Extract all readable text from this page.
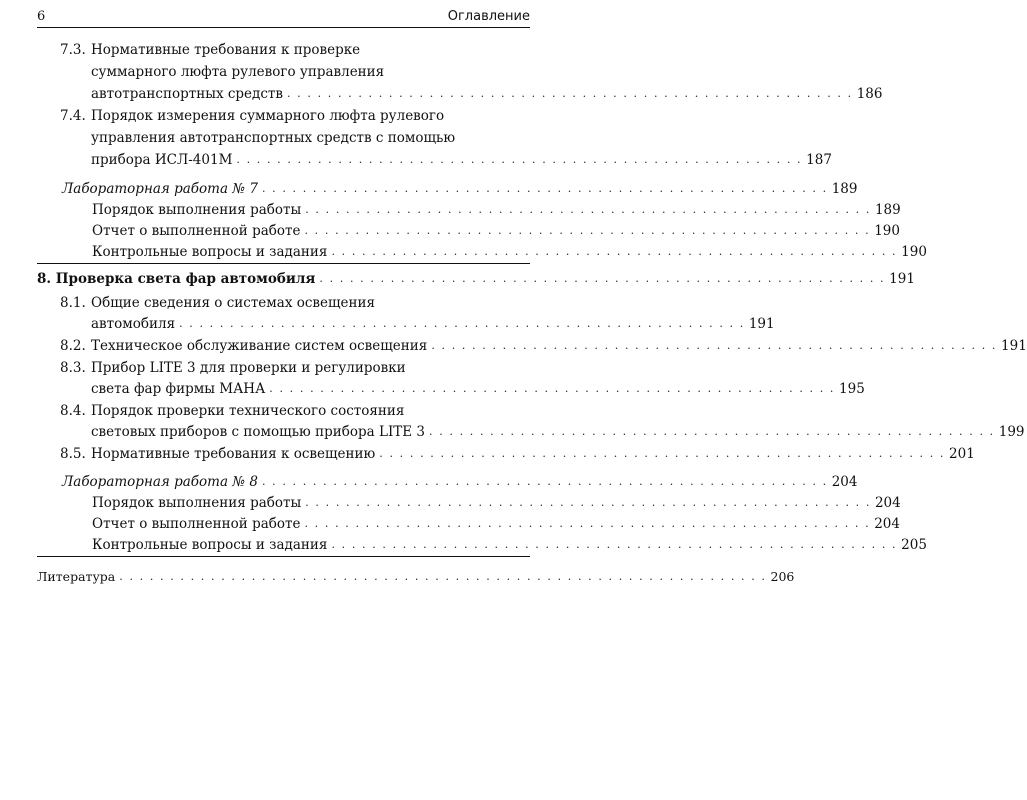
6	Оглавление
7.3. Нормативные требования к проверке
суммарного люфта рулевого управления
автотранспортных средств . . . . . . . . . . . . . . . . . . . . . . . . . . . . . . . . . . . . . . . . . . . . . . . . . . . . . . . . 186
7.4. Порядок измерения суммарного люфта рулевого
управления автотранспортных средств с помощью
прибора ИСЛ-401М . . . . . . . . . . . . . . . . . . . . . . . . . . . . . . . . . . . . . . . . . . . . . . . . . . . . . . . . 187
Лабораторная работа № 7 . . . . . . . . . . . . . . . . . . . . . . . . . . . . . . . . . . . . . . . . . . . . . . . . . . . . . . . . 189
Порядок выполнения работы . . . . . . . . . . . . . . . . . . . . . . . . . . . . . . . . . . . . . . . . . . . . . . . . . . . . . . . . 189
Отчет о выполненной работе . . . . . . . . . . . . . . . . . . . . . . . . . . . . . . . . . . . . . . . . . . . . . . . . . . . . . . . . 190
Контрольные вопросы и задания . . . . . . . . . . . . . . . . . . . . . . . . . . . . . . . . . . . . . . . . . . . . . . . . . . . . . . . . 190
8. Проверка света фар автомобиля . . . . . . . . . . . . . . . . . . . . . . . . . . . . . . . . . . . . . . . . . . . . . . . . . . . . . . . . 191
8.1. Общие сведения о системах освещения
автомобиля . . . . . . . . . . . . . . . . . . . . . . . . . . . . . . . . . . . . . . . . . . . . . . . . . . . . . . . . 191
8.2. Техническое обслуживание систем освещения . . . . . . . . . . . . . . . . . . . . . . . . . . . . . . . . . . . . . . . . . . . . . . . . . . . . . . . . 191
8.3. Прибор LITE 3 для проверки и регулировки
света фар фирмы МАНА . . . . . . . . . . . . . . . . . . . . . . . . . . . . . . . . . . . . . . . . . . . . . . . . . . . . . . . . 195
8.4. Порядок проверки технического состояния
световых приборов с помощью прибора LITE 3 . . . . . . . . . . . . . . . . . . . . . . . . . . . . . . . . . . . . . . . . . . . . . . . . . . . . . . . . 199
8.5. Нормативные требования к освещению . . . . . . . . . . . . . . . . . . . . . . . . . . . . . . . . . . . . . . . . . . . . . . . . . . . . . . . . 201
Лабораторная работа № 8 . . . . . . . . . . . . . . . . . . . . . . . . . . . . . . . . . . . . . . . . . . . . . . . . . . . . . . . . 204
Порядок выполнения работы . . . . . . . . . . . . . . . . . . . . . . . . . . . . . . . . . . . . . . . . . . . . . . . . . . . . . . . . 204
Отчет о выполненной работе . . . . . . . . . . . . . . . . . . . . . . . . . . . . . . . . . . . . . . . . . . . . . . . . . . . . . . . . 204
Контрольные вопросы и задания . . . . . . . . . . . . . . . . . . . . . . . . . . . . . . . . . . . . . . . . . . . . . . . . . . . . . . . . 205
Литература . . . . . . . . . . . . . . . . . . . . . . . . . . . . . . . . . . . . . . . . . . . . . . . . . . . . . . . . . . . . . . . . 206
